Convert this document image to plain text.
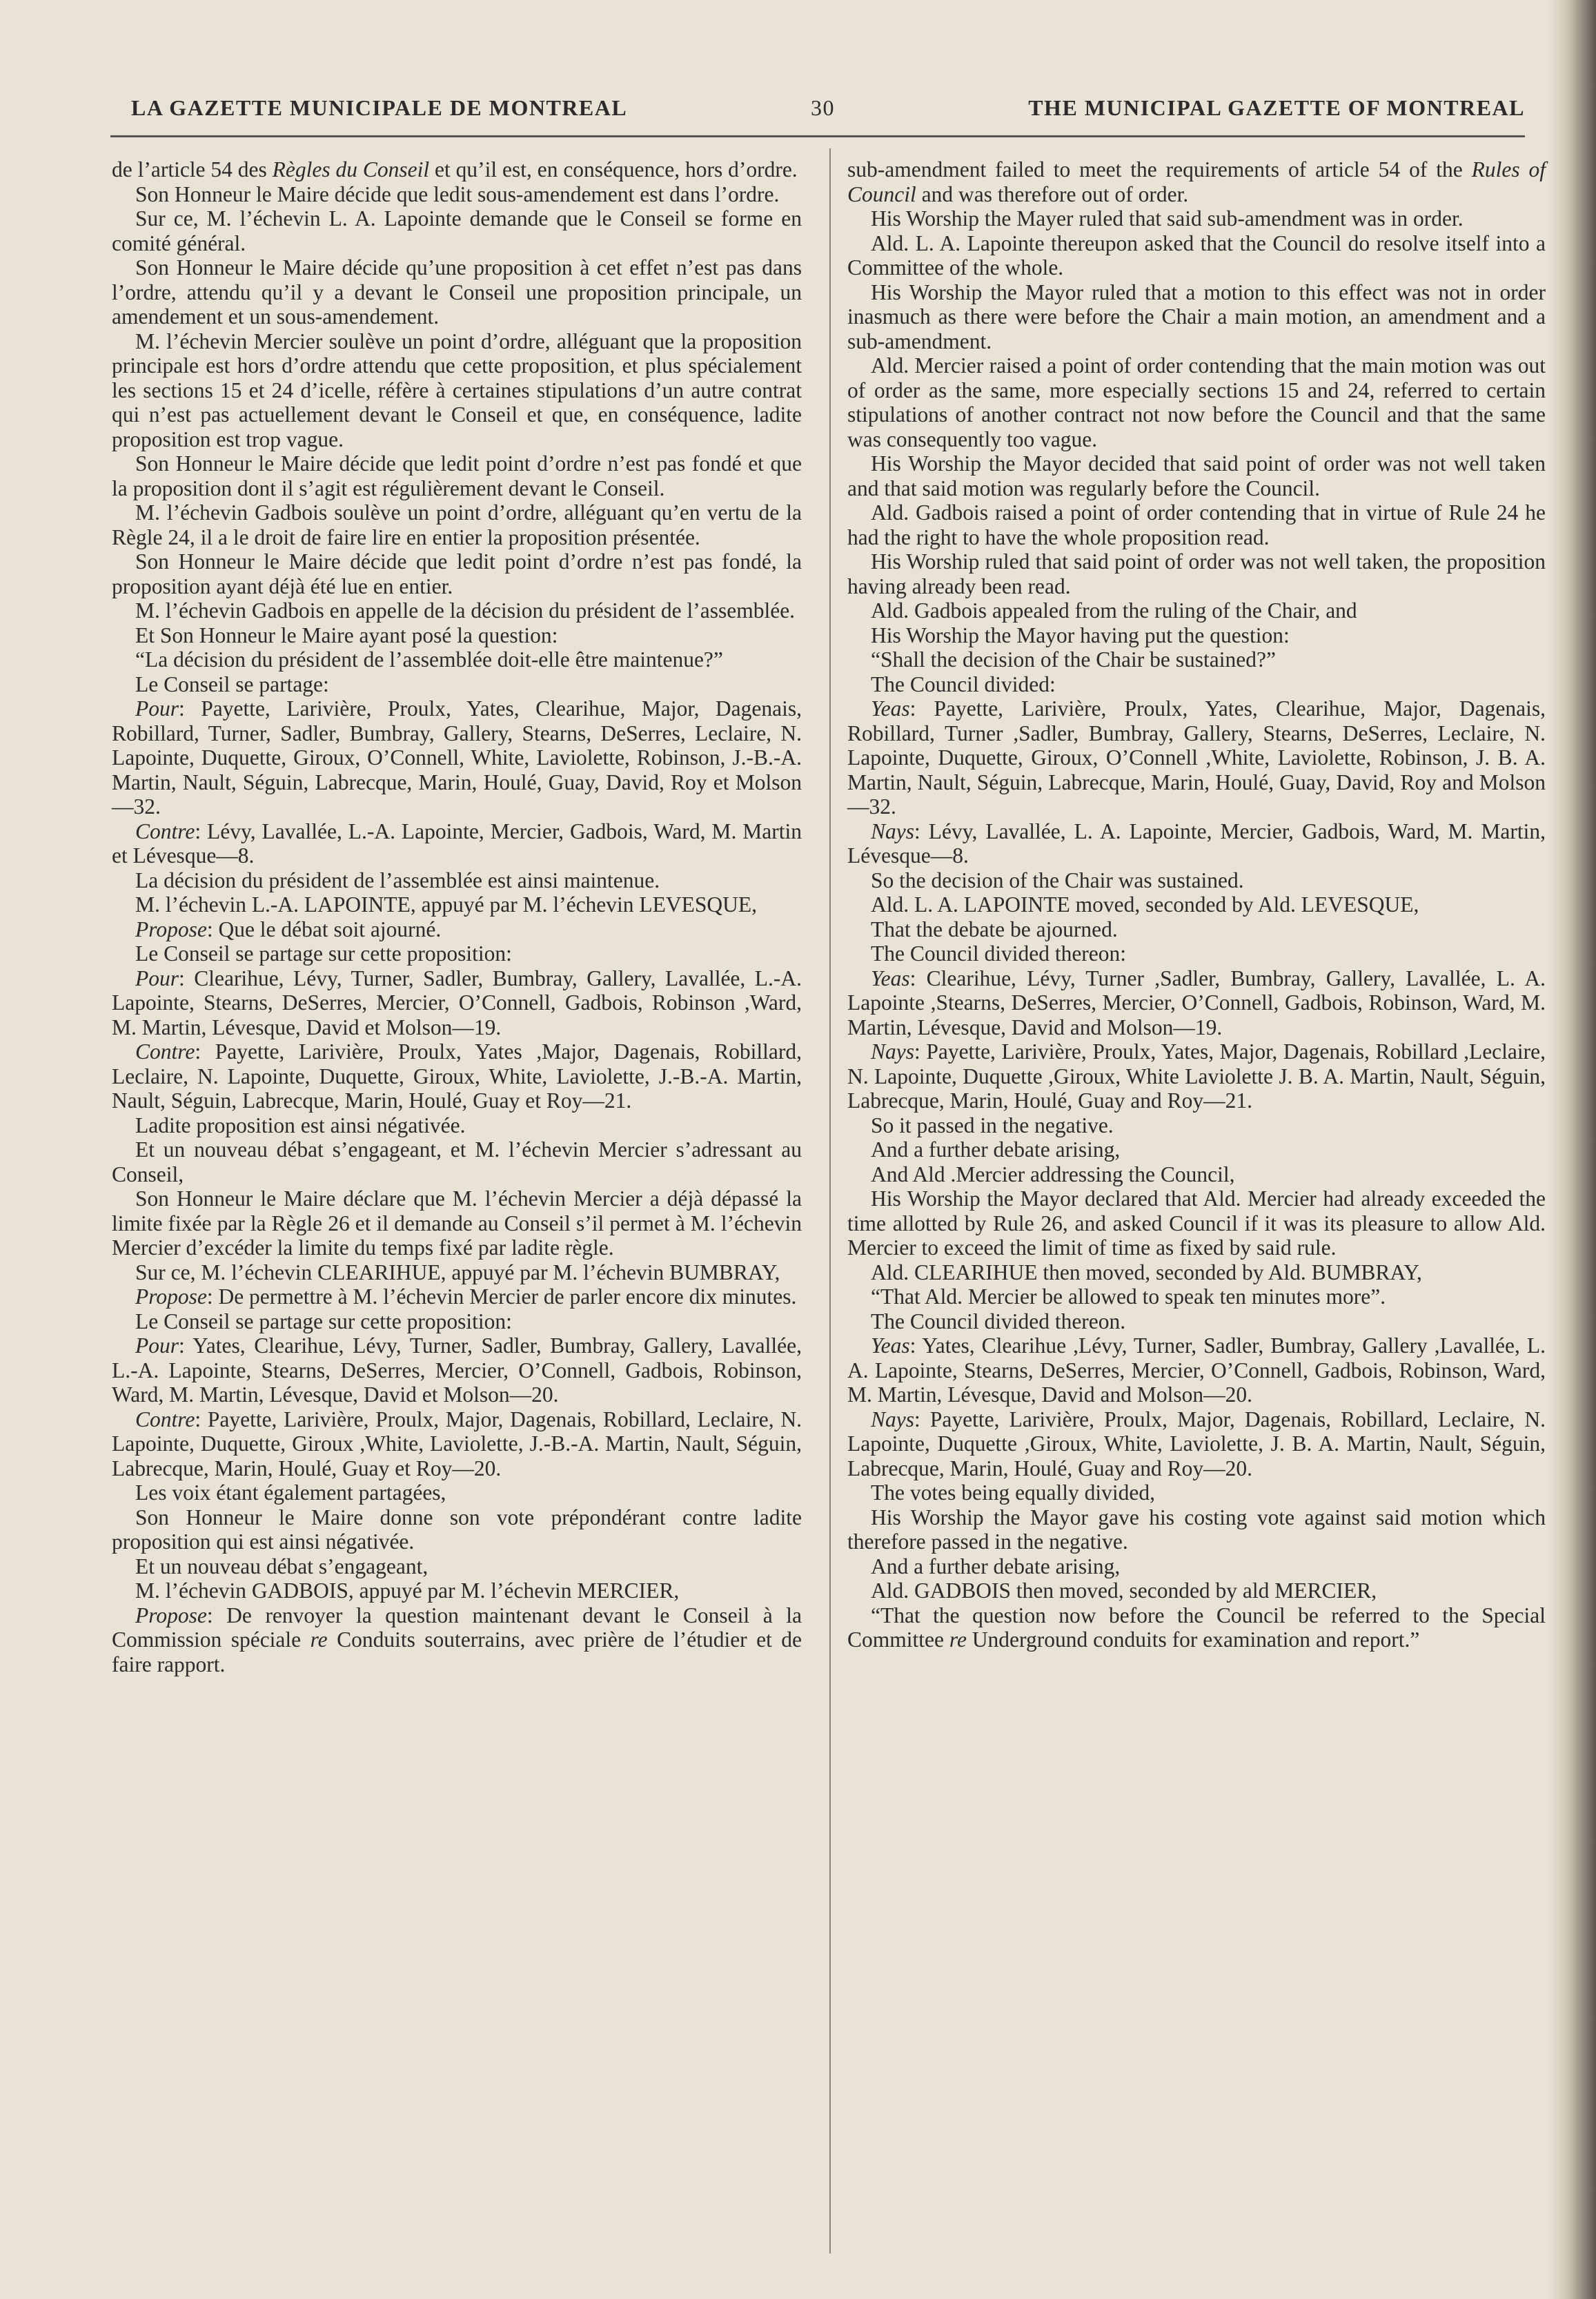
LA GAZETTE MUNICIPALE DE MONTREAL	30	THE MUNICIPAL GAZETTE OF MONTREAL

de l’article 54 des Règles du Conseil et qu’il est, en conséquence, hors d’ordre.

Son Honneur le Maire décide que ledit sous-amendement est dans l’ordre.

Sur ce, M. l’échevin L. A. Lapointe demande que le Conseil se forme en comité général.

Son Honneur le Maire décide qu’une proposition à cet effet n’est pas dans l’ordre, attendu qu’il y a devant le Conseil une proposition principale, un amendement et un sous-amendement.

M. l’échevin Mercier soulève un point d’ordre, alléguant que la proposition principale est hors d’ordre attendu que cette proposition, et plus spécialement les sections 15 et 24 d’icelle, réfère à certaines stipulations d’un autre contrat qui n’est pas actuellement devant le Conseil et que, en conséquence, ladite proposition est trop vague.

Son Honneur le Maire décide que ledit point d’ordre n’est pas fondé et que la proposition dont il s’agit est régulièrement devant le Conseil.

M. l’échevin Gadbois soulève un point d’ordre, alléguant qu’en vertu de la Règle 24, il a le droit de faire lire en entier la proposition présentée.

Son Honneur le Maire décide que ledit point d’ordre n’est pas fondé, la proposition ayant déjà été lue en entier.

M. l’échevin Gadbois en appelle de la décision du président de l’assemblée.

Et Son Honneur le Maire ayant posé la question:

“La décision du président de l’assemblée doit-elle être maintenue?”

Le Conseil se partage:

Pour: Payette, Larivière, Proulx, Yates, Clearihue, Major, Dagenais, Robillard, Turner, Sadler, Bumbray, Gallery, Stearns, DeSerres, Leclaire, N. Lapointe, Duquette, Giroux, O’Connell, White, Laviolette, Robinson, J.-B.-A. Martin, Nault, Séguin, Labrecque, Marin, Houlé, Guay, David, Roy et Molson—32.

Contre: Lévy, Lavallée, L.-A. Lapointe, Mercier, Gadbois, Ward, M. Martin et Lévesque—8.

La décision du président de l’assemblée est ainsi maintenue.

M. l’échevin L.-A. LAPOINTE, appuyé par M. l’échevin LEVESQUE,

Propose: Que le débat soit ajourné.

Le Conseil se partage sur cette proposition:

Pour: Clearihue, Lévy, Turner, Sadler, Bumbray, Gallery, Lavallée, L.-A. Lapointe, Stearns, DeSerres, Mercier, O’Connell, Gadbois, Robinson ,Ward, M. Martin, Lévesque, David et Molson—19.

Contre: Payette, Larivière, Proulx, Yates ,Major, Dagenais, Robillard, Leclaire, N. Lapointe, Duquette, Giroux, White, Laviolette, J.-B.-A. Martin, Nault, Séguin, Labrecque, Marin, Houlé, Guay et Roy—21.

Ladite proposition est ainsi négativée.

Et un nouveau débat s’engageant, et M. l’échevin Mercier s’adressant au Conseil,

Son Honneur le Maire déclare que M. l’échevin Mercier a déjà dépassé la limite fixée par la Règle 26 et il demande au Conseil s’il permet à M. l’échevin Mercier d’excéder la limite du temps fixé par ladite règle.

Sur ce, M. l’échevin CLEARIHUE, appuyé par M. l’échevin BUMBRAY,

Propose: De permettre à M. l’échevin Mercier de parler encore dix minutes.

Le Conseil se partage sur cette proposition:

Pour: Yates, Clearihue, Lévy, Turner, Sadler, Bumbray, Gallery, Lavallée, L.-A. Lapointe, Stearns, DeSerres, Mercier, O’Connell, Gadbois, Robinson, Ward, M. Martin, Lévesque, David et Molson—20.

Contre: Payette, Larivière, Proulx, Major, Dagenais, Robillard, Leclaire, N. Lapointe, Duquette, Giroux ,White, Laviolette, J.-B.-A. Martin, Nault, Séguin, Labrecque, Marin, Houlé, Guay et Roy—20.

Les voix étant également partagées,

Son Honneur le Maire donne son vote prépondérant contre ladite proposition qui est ainsi négativée.

Et un nouveau débat s’engageant,

M. l’échevin GADBOIS, appuyé par M. l’échevin MERCIER,

Propose: De renvoyer la question maintenant devant le Conseil à la Commission spéciale re Conduits souterrains, avec prière de l’étudier et de faire rapport.

sub-amendment failed to meet the requirements of article 54 of the Rules of Council and was therefore out of order.

His Worship the Mayer ruled that said sub-amendment was in order.

Ald. L. A. Lapointe thereupon asked that the Council do resolve itself into a Committee of the whole.

His Worship the Mayor ruled that a motion to this effect was not in order inasmuch as there were before the Chair a main motion, an amendment and a sub-amendment.

Ald. Mercier raised a point of order contending that the main motion was out of order as the same, more especially sections 15 and 24, referred to certain stipulations of another contract not now before the Council and that the same was consequently too vague.

His Worship the Mayor decided that said point of order was not well taken and that said motion was regularly before the Council.

Ald. Gadbois raised a point of order contending that in virtue of Rule 24 he had the right to have the whole proposition read.

His Worship ruled that said point of order was not well taken, the proposition having already been read.

Ald. Gadbois appealed from the ruling of the Chair, and

His Worship the Mayor having put the question:

“Shall the decision of the Chair be sustained?”

The Council divided:

Yeas: Payette, Larivière, Proulx, Yates, Clearihue, Major, Dagenais, Robillard, Turner ,Sadler, Bumbray, Gallery, Stearns, DeSerres, Leclaire, N. Lapointe, Duquette, Giroux, O’Connell ,White, Laviolette, Robinson, J. B. A. Martin, Nault, Séguin, Labrecque, Marin, Houlé, Guay, David, Roy and Molson—32.

Nays: Lévy, Lavallée, L. A. Lapointe, Mercier, Gadbois, Ward, M. Martin, Lévesque—8.

So the decision of the Chair was sustained.

Ald. L. A. LAPOINTE moved, seconded by Ald. LEVESQUE,

That the debate be ajourned.

The Council divided thereon:

Yeas: Clearihue, Lévy, Turner ,Sadler, Bumbray, Gallery, Lavallée, L. A. Lapointe ,Stearns, DeSerres, Mercier, O’Connell, Gadbois, Robinson, Ward, M. Martin, Lévesque, David and Molson—19.

Nays: Payette, Larivière, Proulx, Yates, Major, Dagenais, Robillard ,Leclaire, N. Lapointe, Duquette ,Giroux, White Laviolette J. B. A. Martin, Nault, Séguin, Labrecque, Marin, Houlé, Guay and Roy—21.

So it passed in the negative.

And a further debate arising,

And Ald .Mercier addressing the Council,

His Worship the Mayor declared that Ald. Mercier had already exceeded the time allotted by Rule 26, and asked Council if it was its pleasure to allow Ald. Mercier to exceed the limit of time as fixed by said rule.

Ald. CLEARIHUE then moved, seconded by Ald. BUMBRAY,

“That Ald. Mercier be allowed to speak ten minutes more”.

The Council divided thereon.

Yeas: Yates, Clearihue ,Lévy, Turner, Sadler, Bumbray, Gallery ,Lavallée, L. A. Lapointe, Stearns, DeSerres, Mercier, O’Connell, Gadbois, Robinson, Ward, M. Martin, Lévesque, David and Molson—20.

Nays: Payette, Larivière, Proulx, Major, Dagenais, Robillard, Leclaire, N. Lapointe, Duquette ,Giroux, White, Laviolette, J. B. A. Martin, Nault, Séguin, Labrecque, Marin, Houlé, Guay and Roy—20.

The votes being equally divided,

His Worship the Mayor gave his costing vote against said motion which therefore passed in the negative.

And a further debate arising,

Ald. GADBOIS then moved, seconded by ald MERCIER,

“That the question now before the Council be referred to the Special Committee re Underground conduits for examination and report.”
